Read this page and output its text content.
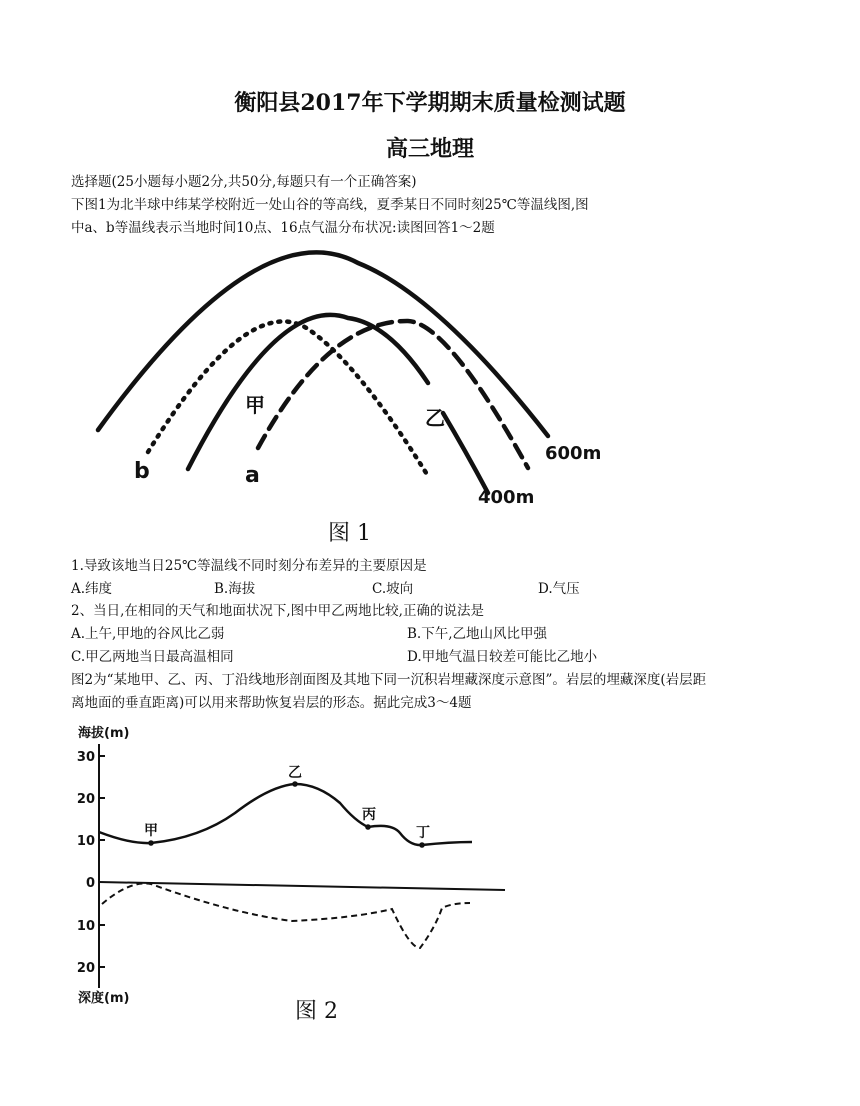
衡阳县2017年下学期期末质量检测试题
高三地理
选择题(25小题每小题2分,共50分,每题只有一个正确答案)
下图1为北半球中纬某学校附近一处山谷的等高线，夏季某日不同时刻25℃等温线图,图
中a、b等温线表示当地时间10点、16点气温分布状况:读图回答1～2题
甲
乙
b	a
600m
400m
图 1
1.导致该地当日25℃等温线不同时刻分布差异的主要原因是
A.纬度	B.海拔	C.坡向	D.气压
2、当日,在相同的天气和地面状况下,图中甲乙两地比较,正确的说法是
A.上午,甲地的谷风比乙弱	B.下午,乙地山风比甲强
C.甲乙两地当日最高温相同	D.甲地气温日较差可能比乙地小
图2为“某地甲、乙、丙、丁沿线地形剖面图及其地下同一沉积岩埋藏深度示意图”。岩层的埋藏深度(岩层距
离地面的垂直距离)可以用来帮助恢复岩层的形态。据此完成3～4题
海拔(m)
30
20
10
0
10
20
甲
乙
丙
丁
深度(m)
图 2
